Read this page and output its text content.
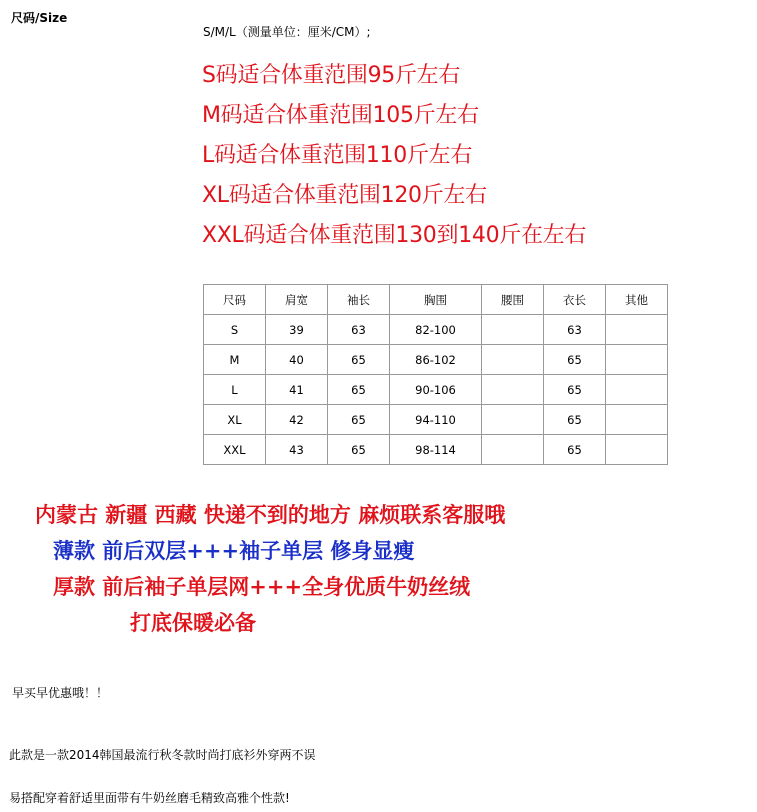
尺码/Size
S/M/L（测量单位：厘米/CM）;
S码适合体重范围95斤左右
M码适合体重范围105斤左右
L码适合体重范围110斤左右
XL码适合体重范围120斤左右
XXL码适合体重范围130到140斤在左右
尺码	肩宽	袖长	胸围	腰围	衣长	其他
S	39	63	82-100		63	
M	40	65	86-102		65	
L	41	65	90-106		65	
XL	42	65	94-110		65	
XXL	43	65	98-114		65	
内蒙古 新疆 西藏 快递不到的地方 麻烦联系客服哦
薄款 前后双层+++袖子单层 修身显瘦
厚款 前后袖子单层网+++全身优质牛奶丝绒
打底保暖必备
早买早优惠哦！！
此款是一款2014韩国最流行秋冬款时尚打底衫外穿两不误
易搭配穿着舒适里面带有牛奶丝磨毛精致高雅个性款!
